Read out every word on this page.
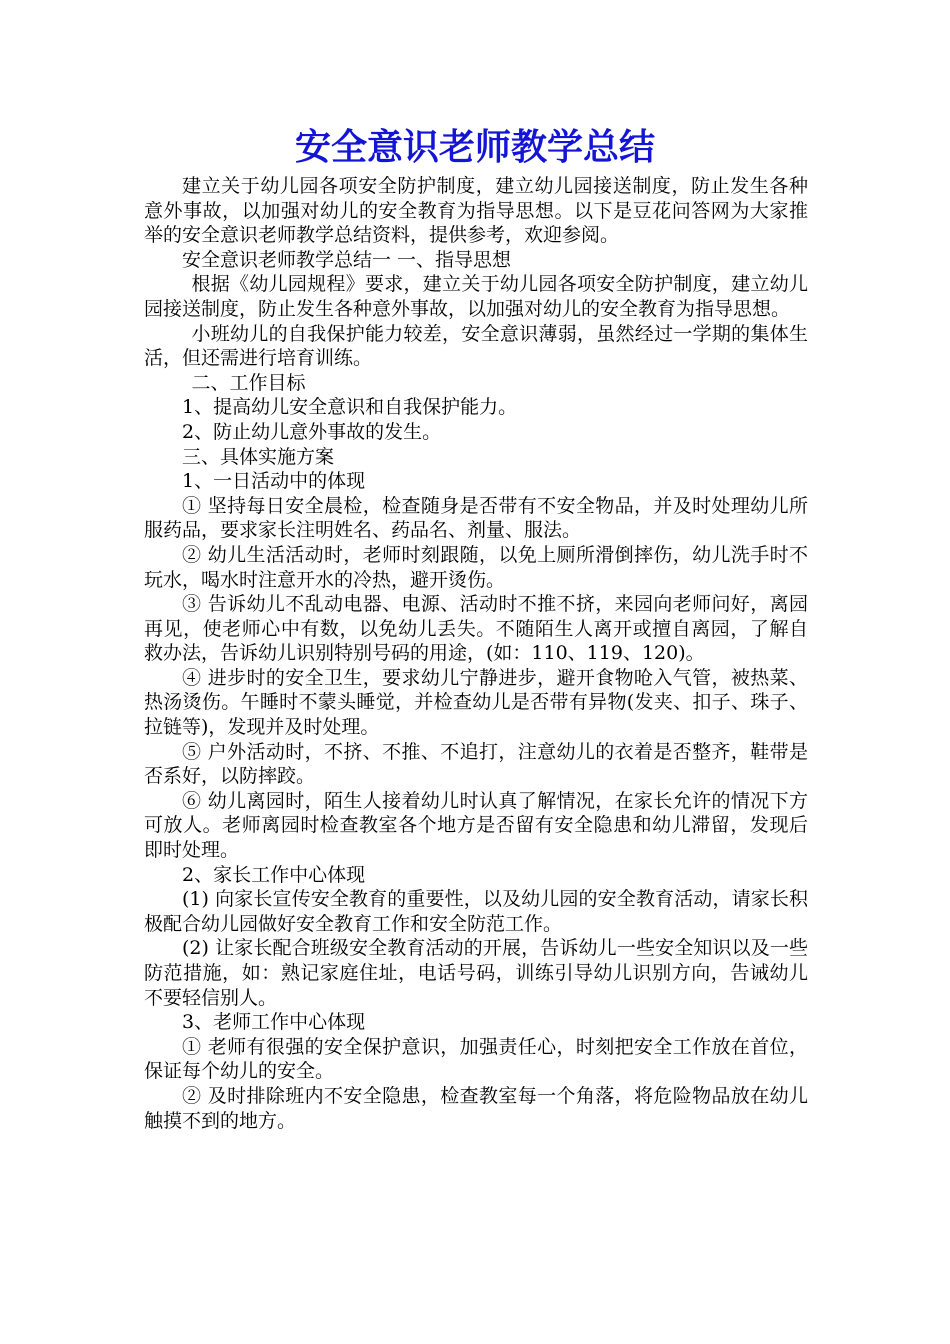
安全意识老师教学总结

建立关于幼儿园各项安全防护制度，建立幼儿园接送制度，防止发生各种意外事故，以加强对幼儿的安全教育为指导思想。以下是豆花问答网为大家推举的安全意识老师教学总结资料，提供参考，欢迎参阅。

安全意识老师教学总结一 一、指导思想

根据《幼儿园规程》要求，建立关于幼儿园各项安全防护制度，建立幼儿园接送制度，防止发生各种意外事故，以加强对幼儿的安全教育为指导思想。

小班幼儿的自我保护能力较差，安全意识薄弱，虽然经过一学期的集体生活，但还需进行培育训练。

二、工作目标

1、提高幼儿安全意识和自我保护能力。

2、防止幼儿意外事故的发生。

三、具体实施方案

1、一日活动中的体现

① 坚持每日安全晨检，检查随身是否带有不安全物品，并及时处理幼儿所服药品，要求家长注明姓名、药品名、剂量、服法。

② 幼儿生活活动时，老师时刻跟随，以免上厕所滑倒摔伤，幼儿洗手时不玩水，喝水时注意开水的冷热，避开烫伤。

③ 告诉幼儿不乱动电器、电源、活动时不推不挤，来园向老师问好，离园再见，使老师心中有数，以免幼儿丢失。不随陌生人离开或擅自离园，了解自救办法，告诉幼儿识别特别号码的用途，(如：110、119、120)。

④ 进步时的安全卫生，要求幼儿宁静进步，避开食物呛入气管，被热菜、热汤烫伤。午睡时不蒙头睡觉，并检查幼儿是否带有异物(发夹、扣子、珠子、拉链等)，发现并及时处理。

⑤ 户外活动时，不挤、不推、不追打，注意幼儿的衣着是否整齐，鞋带是否系好，以防摔跤。

⑥ 幼儿离园时，陌生人接着幼儿时认真了解情况，在家长允许的情况下方可放人。老师离园时检查教室各个地方是否留有安全隐患和幼儿滞留，发现后即时处理。

2、家长工作中心体现

(1) 向家长宣传安全教育的重要性，以及幼儿园的安全教育活动，请家长积极配合幼儿园做好安全教育工作和安全防范工作。

(2) 让家长配合班级安全教育活动的开展，告诉幼儿一些安全知识以及一些防范措施，如：熟记家庭住址，电话号码，训练引导幼儿识别方向，告诫幼儿不要轻信别人。

3、老师工作中心体现

① 老师有很强的安全保护意识，加强责任心，时刻把安全工作放在首位，保证每个幼儿的安全。

② 及时排除班内不安全隐患，检查教室每一个角落，将危险物品放在幼儿触摸不到的地方。
